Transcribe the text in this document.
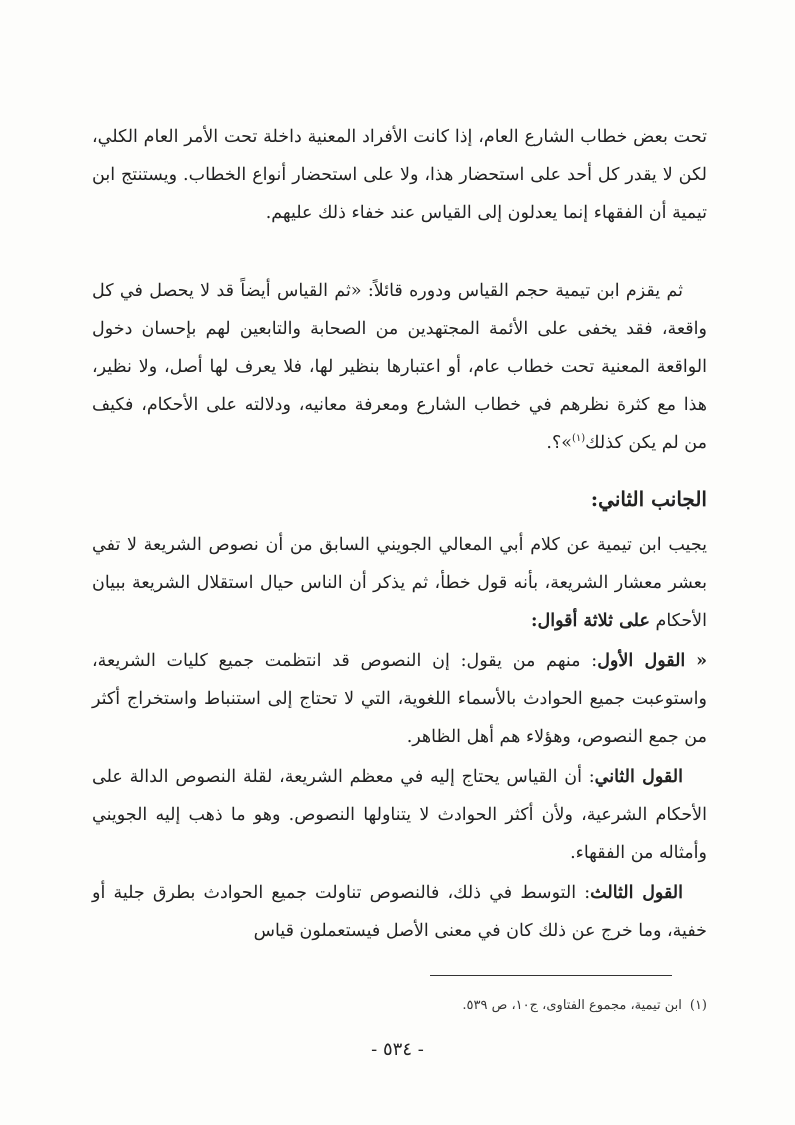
تحت بعض خطاب الشارع العام، إذا كانت الأفراد المعنية داخلة تحت الأمر العام الكلي، لكن لا يقدر كل أحد على استحضار هذا، ولا على استحضار أنواع الخطاب. ويستنتج ابن تيمية أن الفقهاء إنما يعدلون إلى القياس عند خفاء ذلك عليهم.

ثم يقزم ابن تيمية حجم القياس ودوره قائلاً: «ثم القياس أيضاً قد لا يحصل في كل واقعة، فقد يخفى على الأئمة المجتهدين من الصحابة والتابعين لهم بإحسان دخول الواقعة المعنية تحت خطاب عام، أو اعتبارها بنظير لها، فلا يعرف لها أصل، ولا نظير، هذا مع كثرة نظرهم في خطاب الشارع ومعرفة معانيه، ودلالته على الأحكام، فكيف من لم يكن كذلك$^{(١)}$»؟.

الجانب الثاني:

يجيب ابن تيمية عن كلام أبي المعالي الجويني السابق من أن نصوص الشريعة لا تفي بعشر معشار الشريعة، بأنه قول خطأ، ثم يذكر أن الناس حيال استقلال الشريعة ببيان الأحكام على ثلاثة أقوال:

« القول الأول: منهم من يقول: إن النصوص قد انتظمت جميع كليات الشريعة، واستوعبت جميع الحوادث بالأسماء اللغوية، التي لا تحتاج إلى استنباط واستخراج أكثر من جمع النصوص، وهؤلاء هم أهل الظاهر.

القول الثاني: أن القياس يحتاج إليه في معظم الشريعة، لقلة النصوص الدالة على الأحكام الشرعية، ولأن أكثر الحوادث لا يتناولها النصوص. وهو ما ذهب إليه الجويني وأمثاله من الفقهاء.

القول الثالث: التوسط في ذلك، فالنصوص تناولت جميع الحوادث بطرق جلية أو خفية، وما خرج عن ذلك كان في معنى الأصل فيستعملون قياس

(١)ابن تيمية، مجموع الفتاوى، ج١٠، ص ٥٣٩.
- ٥٣٤ -
